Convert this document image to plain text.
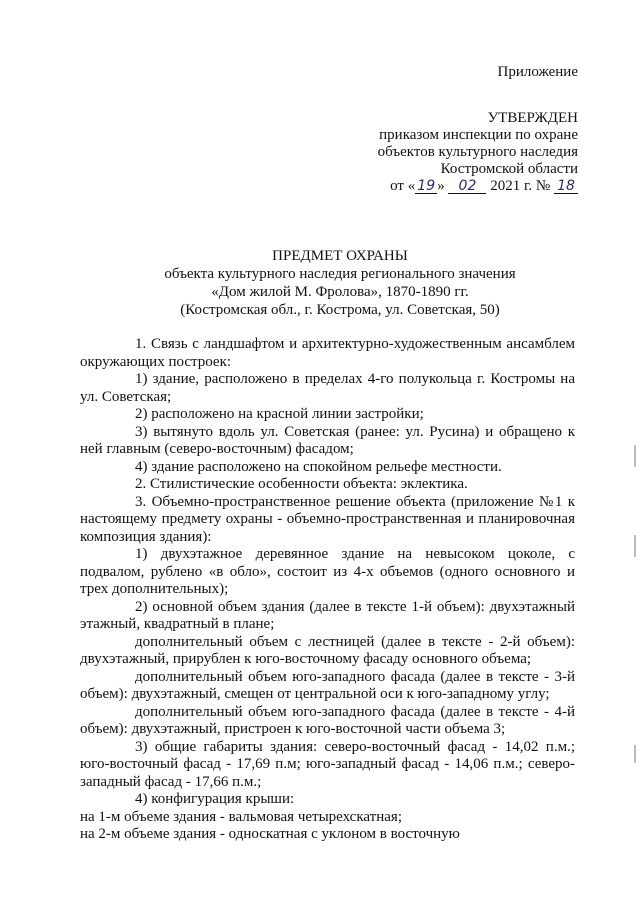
Приложение
УТВЕРЖДЕН
приказом инспекции по охране
объектов культурного наследия
Костромской области
от « 19 » 02 2021 г. № 18
ПРЕДМЕТ ОХРАНЫ
объекта культурного наследия регионального значения
«Дом жилой М. Фролова», 1870-1890 гг.
(Костромская обл., г. Кострома, ул. Советская, 50)

1. Связь с ландшафтом и архитектурно-художественным ансамблем окружающих построек:

1) здание, расположено в пределах 4-го полукольца г. Костромы на ул. Советская;

2) расположено на красной линии застройки;

3) вытянуто вдоль ул. Советская (ранее: ул. Русина) и обращено к ней главным (северо-восточным) фасадом;

4) здание расположено на спокойном рельефе местности.

2. Стилистические особенности объекта: эклектика.

3. Объемно-пространственное решение объекта (приложение №1 к настоящему предмету охраны - объемно-пространственная и планировочная композиция здания):

1) двухэтажное деревянное здание на невысоком цоколе, с подвалом, рублено «в обло», состоит из 4-х объемов (одного основного и трех дополнительных);

2) основной объем здания (далее в тексте 1-й объем): двухэтажный этажный, квадратный в плане;

дополнительный объем с лестницей (далее в тексте - 2-й объем): двухэтажный, прирублен к юго-восточному фасаду основного объема;

дополнительный объем юго-западного фасада (далее в тексте - 3-й объем): двухэтажный, смещен от центральной оси к юго-западному углу;

дополнительный объем юго-западного фасада (далее в тексте - 4-й объем): двухэтажный, пристроен к юго-восточной части объема 3;

3) общие габариты здания: северо-восточный фасад - 14,02 п.м.; юго-восточный фасад - 17,69 п.м; юго-западный фасад - 14,06 п.м.; северо-западный фасад - 17,66 п.м.;

4) конфигурация крыши:

на 1-м объеме здания - вальмовая четырехскатная;

на 2-м объеме здания - односкатная с уклоном в восточную
